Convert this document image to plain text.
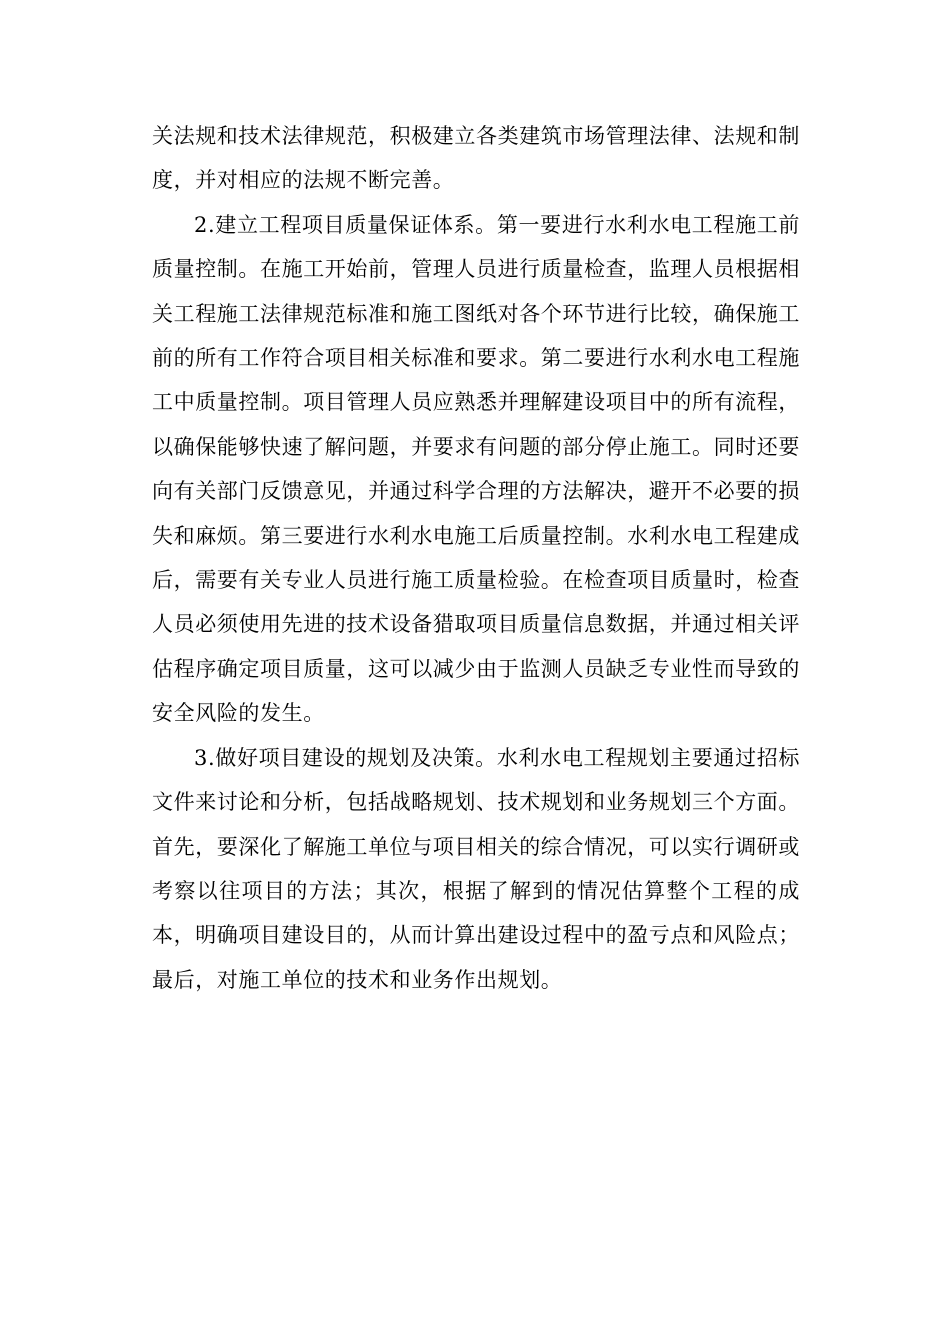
关法规和技术法律规范，积极建立各类建筑市场管理法律、法规和制度，并对相应的法规不断完善。

2.建立工程项目质量保证体系。第一要进行水利水电工程施工前质量控制。在施工开始前，管理人员进行质量检查，监理人员根据相关工程施工法律规范标准和施工图纸对各个环节进行比较，确保施工前的所有工作符合项目相关标准和要求。第二要进行水利水电工程施工中质量控制。项目管理人员应熟悉并理解建设项目中的所有流程，以确保能够快速了解问题，并要求有问题的部分停止施工。同时还要向有关部门反馈意见，并通过科学合理的方法解决，避开不必要的损失和麻烦。第三要进行水利水电施工后质量控制。水利水电工程建成后，需要有关专业人员进行施工质量检验。在检查项目质量时，检查人员必须使用先进的技术设备猎取项目质量信息数据，并通过相关评估程序确定项目质量，这可以减少由于监测人员缺乏专业性而导致的安全风险的发生。

3.做好项目建设的规划及决策。水利水电工程规划主要通过招标文件来讨论和分析，包括战略规划、技术规划和业务规划三个方面。首先，要深化了解施工单位与项目相关的综合情况，可以实行调研或考察以往项目的方法；其次，根据了解到的情况估算整个工程的成本，明确项目建设目的，从而计算出建设过程中的盈亏点和风险点；最后，对施工单位的技术和业务作出规划。
